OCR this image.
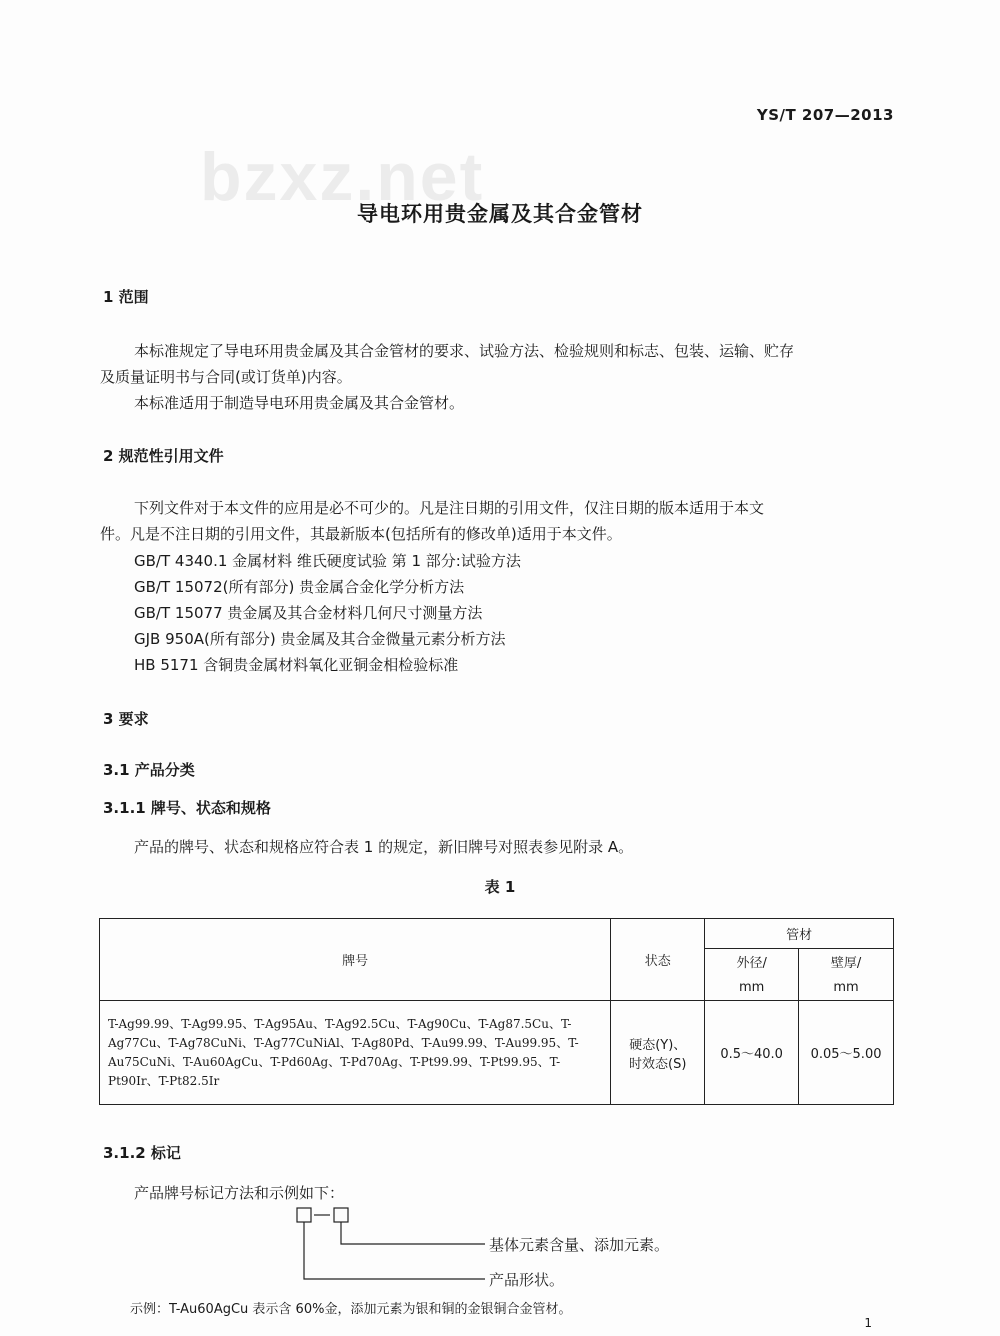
YS/T 207—2013
bzxz.net
导电环用贵金属及其合金管材
1 范围
本标准规定了导电环用贵金属及其合金管材的要求、试验方法、检验规则和标志、包装、运输、贮存
及质量证明书与合同(或订货单)内容。
本标准适用于制造导电环用贵金属及其合金管材。
2 规范性引用文件
下列文件对于本文件的应用是必不可少的。凡是注日期的引用文件，仅注日期的版本适用于本文
件。凡是不注日期的引用文件，其最新版本(包括所有的修改单)适用于本文件。
GB/T 4340.1 金属材料 维氏硬度试验 第 1 部分:试验方法
GB/T 15072(所有部分) 贵金属合金化学分析方法
GB/T 15077 贵金属及其合金材料几何尺寸测量方法
GJB 950A(所有部分) 贵金属及其合金微量元素分析方法
HB 5171 含铜贵金属材料氧化亚铜金相检验标准
3 要求
3.1 产品分类
3.1.1 牌号、状态和规格
产品的牌号、状态和规格应符合表 1 的规定，新旧牌号对照表参见附录 A。
表 1
牌号	状态	管材	
		外径/	壁厚/
		mm	mm
T-Ag99.99、T-Ag99.95、T-Ag95Au、T-Ag92.5Cu、T-Ag90Cu、T-Ag87.5Cu、T-Ag77Cu、T-Ag78CuNi、T-Ag77CuNiAl、T-Ag80Pd、T-Au99.99、T-Au99.95、T-Au75CuNi、T-Au60AgCu、T-Pd60Ag、T-Pd70Ag、T-Pt99.99、T-Pt99.95、T-Pt90Ir、T-Pt82.5Ir	硬态(Y)、
时效态(S)	0.5～40.0	0.05～5.00
3.1.2 标记
产品牌号标记方法和示例如下：
基体元素含量、添加元素。
产品形状。
示例：T-Au60AgCu 表示含 60%金，添加元素为银和铜的金银铜合金管材。
1
